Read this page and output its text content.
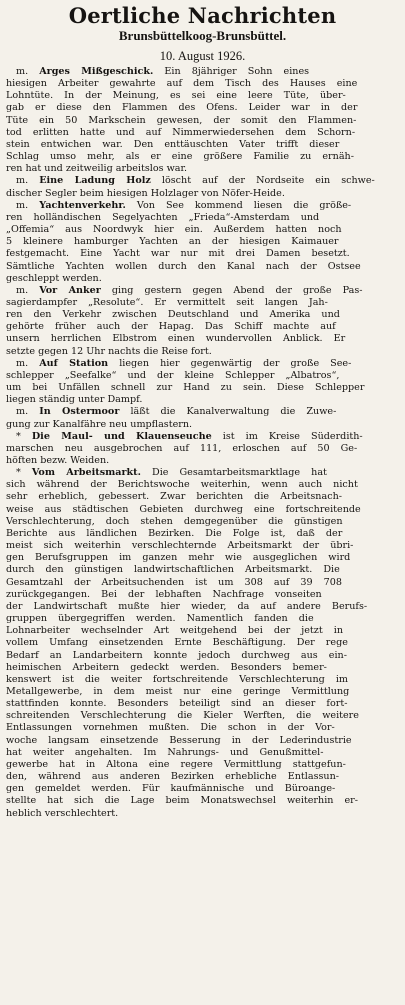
Oertliche Nachrichten
Brunsbüttelkoog-Brunsbüttel.
10. August 1926.
m. Arges Mißgeschick. Ein 8jähriger Sohn eines
hiesigen Arbeiter gewahrte auf dem Tisch des Hauses eine
Lohntüte. In der Meinung, es sei eine leere Tüte, über-
gab er diese den Flammen des Ofens. Leider war in der
Tüte ein 50 Markschein gewesen, der somit den Flammen-
tod erlitten hatte und auf Nimmerwiedersehen dem Schorn-
stein entwichen war. Den enttäuschten Vater trifft dieser
Schlag umso mehr, als er eine größere Familie zu ernäh-
ren hat und zeitweilig arbeitslos war.
m. Eine Ladung Holz löscht auf der Nordseite ein schwe-
discher Segler beim hiesigen Holzlager von Nöfer-Heide.
m. Yachtenverkehr. Von See kommend liesen die größe-
ren holländischen Segelyachten „Frieda“-Amsterdam und
„Offemia“ aus Noordwyk hier ein. Außerdem hatten noch
5 kleinere hamburger Yachten an der hiesigen Kaimauer
festgemacht. Eine Yacht war nur mit drei Damen besetzt.
Sämtliche Yachten wollen durch den Kanal nach der Ostsee
geschleppt werden.
m. Vor Anker ging gestern gegen Abend der große Pas-
sagierdampfer „Resolute“. Er vermittelt seit langen Jah-
ren den Verkehr zwischen Deutschland und Amerika und
gehörte früher auch der Hapag. Das Schiff machte auf
unsern herrlichen Elbstrom einen wundervollen Anblick. Er
setzte gegen 12 Uhr nachts die Reise fort.
m. Auf Station liegen hier gegenwärtig der große See-
schlepper „Seefalke“ und der kleine Schlepper „Albatros“,
um bei Unfällen schnell zur Hand zu sein. Diese Schlepper
liegen ständig unter Dampf.
m. In Ostermoor läßt die Kanalverwaltung die Zuwe-
gung zur Kanalfähre neu umpflastern.
* Die Maul- und Klauenseuche ist im Kreise Süderdith-
marschen neu ausgebrochen auf 111, erloschen auf 50 Ge-
höften bezw. Weiden.
* Vom Arbeitsmarkt. Die Gesamtarbeitsmarktlage hat
sich während der Berichtswoche weiterhin, wenn auch nicht
sehr erheblich, gebessert. Zwar berichten die Arbeitsnach-
weise aus städtischen Gebieten durchweg eine fortschreitende
Verschlechterung, doch stehen demgegenüber die günstigen
Berichte aus ländlichen Bezirken. Die Folge ist, daß der
meist sich weiterhin verschlechternde Arbeitsmarkt der übri-
gen Berufsgruppen im ganzen mehr wie ausgeglichen wird
durch den günstigen landwirtschaftlichen Arbeitsmarkt. Die
Gesamtzahl der Arbeitsuchenden ist um 308 auf 39 708
zurückgegangen. Bei der lebhaften Nachfrage vonseiten
der Landwirtschaft mußte hier wieder, da auf andere Berufs-
gruppen übergegriffen werden. Namentlich fanden die
Lohnarbeiter wechselnder Art weitgehend bei der jetzt in
vollem Umfang einsetzenden Ernte Beschäftigung. Der rege
Bedarf an Landarbeitern konnte jedoch durchweg aus ein-
heimischen Arbeitern gedeckt werden. Besonders bemer-
kenswert ist die weiter fortschreitende Verschlechterung im
Metallgewerbe, in dem meist nur eine geringe Vermittlung
stattfinden konnte. Besonders beteiligt sind an dieser fort-
schreitenden Verschlechterung die Kieler Werften, die weitere
Entlassungen vornehmen mußten. Die schon in der Vor-
woche langsam einsetzende Besserung in der Lederindustrie
hat weiter angehalten. Im Nahrungs- und Genußmittel-
gewerbe hat in Altona eine regere Vermittlung stattgefun-
den, während aus anderen Bezirken erhebliche Entlassun-
gen gemeldet werden. Für kaufmännische und Büroange-
stellte hat sich die Lage beim Monatswechsel weiterhin er-
heblich verschlechtert.
